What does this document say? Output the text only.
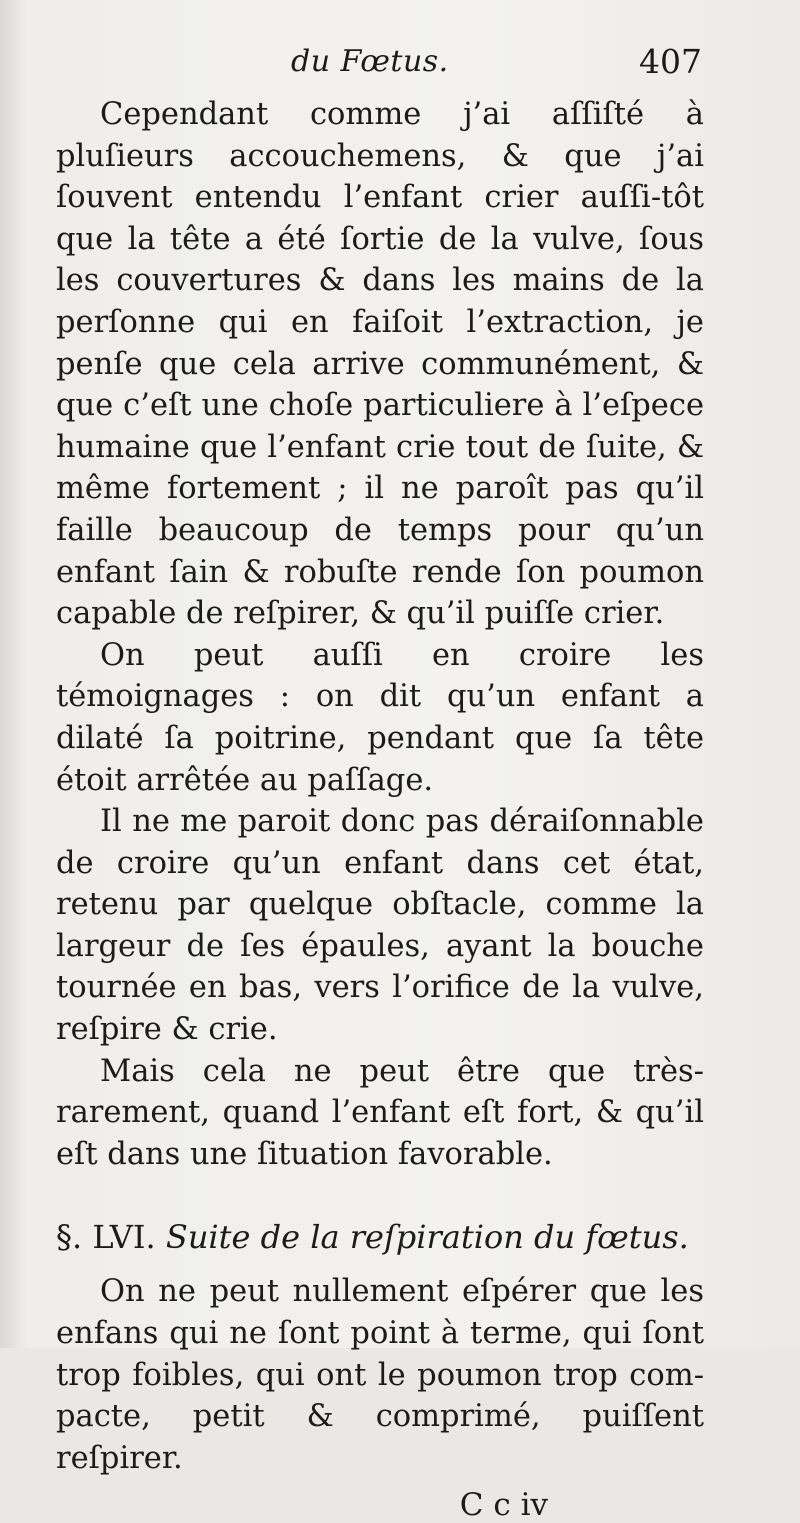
du Fœtus.	407

Cependant comme j’ai aſſiſté à pluſieurs accouchemens, & que j’ai ſouvent entendu l’enfant crier auſſi-tôt que la tête a été ſortie de la vulve, ſous les couvertures & dans les mains de la perſonne qui en faiſoit l’extraction, je penſe que cela arrive communément, & que c’eſt une choſe particuliere à l’eſpece humaine que l’enfant crie tout de ſuite, & même fortement ; il ne paroît pas qu’il faille beaucoup de temps pour qu’un enfant ſain & robuſte rende ſon poumon capable de reſpirer, & qu’il puiſſe crier.

On peut auſſi en croire les témoignages : on dit qu’un enfant a dilaté ſa poitrine, pendant que ſa tête étoit arrêtée au paſſage.

Il ne me paroit donc pas déraiſonnable de croire qu’un enfant dans cet état, retenu par quelque obſtacle, comme la largeur de ſes épaules, ayant la bouche tournée en bas, vers l’orifice de la vulve, reſpire & crie.

Mais cela ne peut être que très-rarement, quand l’enfant eſt fort, & qu’il eſt dans une ſituation favorable.

§. LVI. Suite de la reſpiration du fœtus.

On ne peut nullement eſpérer que les enfans qui ne ſont point à terme, qui ſont trop foibles, qui ont le poumon trop compacte, petit & comprimé, puiſſent reſpirer.

C c iv
